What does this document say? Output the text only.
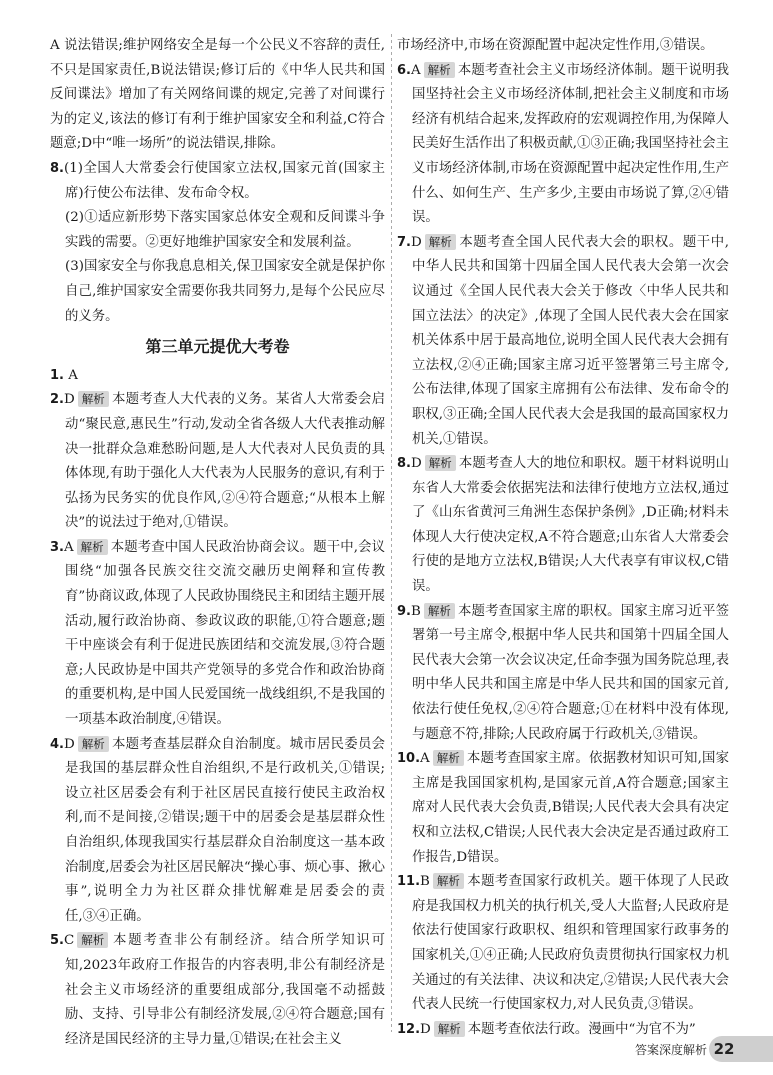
A 说法错误;维护网络安全是每一个公民义不容辞的责任,不只是国家责任,B说法错误;修订后的《中华人民共和国反间谍法》增加了有关网络间谍的规定,完善了对间谍行为的定义,该法的修订有利于维护国家安全和利益,C符合题意;D中“唯一场所”的说法错误,排除。

8.(1)全国人大常委会行使国家立法权,国家元首(国家主席)行使公布法律、发布命令权。

(2)①适应新形势下落实国家总体安全观和反间谍斗争实践的需要。②更好地维护国家安全和发展利益。

(3)国家安全与你我息息相关,保卫国家安全就是保护你自己,维护国家安全需要你我共同努力,是每个公民应尽的义务。

第三单元提优大考卷

1. A

2.D 解析 本题考查人大代表的义务。某省人大常委会启动“聚民意,惠民生”行动,发动全省各级人大代表推动解决一批群众急难愁盼问题,是人大代表对人民负责的具体体现,有助于强化人大代表为人民服务的意识,有利于弘扬为民务实的优良作风,②④符合题意;“从根本上解决”的说法过于绝对,①错误。

3.A 解析 本题考查中国人民政治协商会议。题干中,会议围绕“加强各民族交往交流交融历史阐释和宣传教育”协商议政,体现了人民政协围绕民主和团结主题开展活动,履行政治协商、参政议政的职能,①符合题意;题干中座谈会有利于促进民族团结和交流发展,③符合题意;人民政协是中国共产党领导的多党合作和政治协商的重要机构,是中国人民爱国统一战线组织,不是我国的一项基本政治制度,④错误。

4.D 解析 本题考查基层群众自治制度。城市居民委员会是我国的基层群众性自治组织,不是行政机关,①错误;设立社区居委会有利于社区居民直接行使民主政治权利,而不是间接,②错误;题干中的居委会是基层群众性自治组织,体现我国实行基层群众自治制度这一基本政治制度,居委会为社区居民解决“操心事、烦心事、揪心事”,说明全力为社区群众排忧解难是居委会的责任,③④正确。

5.C 解析 本题考查非公有制经济。结合所学知识可知,2023年政府工作报告的内容表明,非公有制经济是社会主义市场经济的重要组成部分,我国毫不动摇鼓励、支持、引导非公有制经济发展,②④符合题意;国有经济是国民经济的主导力量,①错误;在社会主义

市场经济中,市场在资源配置中起决定性作用,③错误。

6.A 解析 本题考查社会主义市场经济体制。题干说明我国坚持社会主义市场经济体制,把社会主义制度和市场经济有机结合起来,发挥政府的宏观调控作用,为保障人民美好生活作出了积极贡献,①③正确;我国坚持社会主义市场经济体制,市场在资源配置中起决定性作用,生产什么、如何生产、生产多少,主要由市场说了算,②④错误。

7.D 解析 本题考查全国人民代表大会的职权。题干中,中华人民共和国第十四届全国人民代表大会第一次会议通过《全国人民代表大会关于修改〈中华人民共和国立法法〉的决定》,体现了全国人民代表大会在国家机关体系中居于最高地位,说明全国人民代表大会拥有立法权,②④正确;国家主席习近平签署第三号主席令,公布法律,体现了国家主席拥有公布法律、发布命令的职权,③正确;全国人民代表大会是我国的最高国家权力机关,①错误。

8.D 解析 本题考查人大的地位和职权。题干材料说明山东省人大常委会依据宪法和法律行使地方立法权,通过了《山东省黄河三角洲生态保护条例》,D正确;材料未体现人大行使决定权,A不符合题意;山东省人大常委会行使的是地方立法权,B错误;人大代表享有审议权,C错误。

9.B 解析 本题考查国家主席的职权。国家主席习近平签署第一号主席令,根据中华人民共和国第十四届全国人民代表大会第一次会议决定,任命李强为国务院总理,表明中华人民共和国主席是中华人民共和国的国家元首,依法行使任免权,②④符合题意;①在材料中没有体现,与题意不符,排除;人民政府属于行政机关,③错误。

10.A 解析 本题考查国家主席。依据教材知识可知,国家主席是我国国家机构,是国家元首,A符合题意;国家主席对人民代表大会负责,B错误;人民代表大会具有决定权和立法权,C错误;人民代表大会决定是否通过政府工作报告,D错误。

11.B 解析 本题考查国家行政机关。题干体现了人民政府是我国权力机关的执行机关,受人大监督;人民政府是依法行使国家行政职权、组织和管理国家行政事务的国家机关,①④正确;人民政府负责贯彻执行国家权力机关通过的有关法律、决议和决定,②错误;人民代表大会代表人民统一行使国家权力,对人民负责,③错误。

12.D 解析 本题考查依法行政。漫画中“为官不为”

答案深度解析 22
